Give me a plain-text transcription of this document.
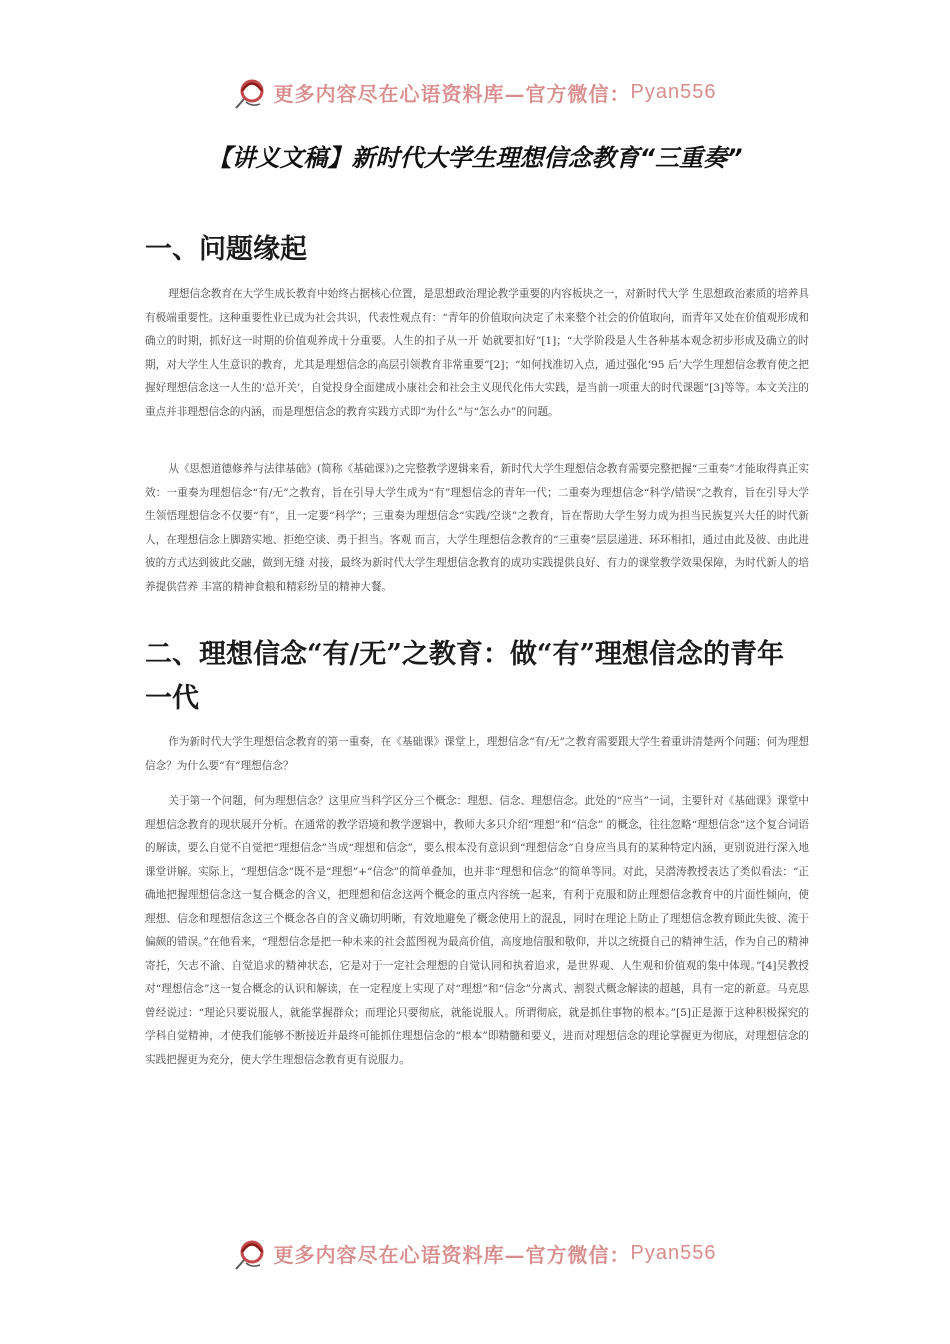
更多内容尽在心语资料库—官方微信： Pyan556
【讲义文稿】新时代大学生理想信念教育“三重奏”
一、问题缘起

理想信念教育在大学生成长教育中始终占据核心位置，是思想政治理论教学重要的内容板块之一，对新时代大学 生思想政治素质的培养具有极端重要性。这种重要性业已成为社会共识，代表性观点有：“青年的价值取向决定了未来整个社会的价值取向，而青年又处在价值观形成和确立的时期，抓好这一时期的价值观养成十分重要。人生的扣子从一开 始就要扣好”[1]；“大学阶段是人生各种基本观念初步形成及确立的时期，对大学生人生意识的教育，尤其是理想信念的高层引领教育非常重要”[2]；“如何找准切入点，通过强化‘95 后’大学生理想信念教育使之把握好理想信念这一人生的‘总开关’，自觉投身全面建成小康社会和社会主义现代化伟大实践，是当前一项重大的时代课题”[3]等等。本文关注的重点并非理想信念的内涵，而是理想信念的教育实践方式即“为什么”与“怎么办”的问题。

从《思想道德修养与法律基础》(简称《基础课》)之完整教学逻辑来看，新时代大学生理想信念教育需要完整把握“三重奏”才能取得真正实效：一重奏为理想信念“有/无”之教育，旨在引导大学生成为“有”理想信念的青年一代；二重奏为理想信念“科学/错误”之教育，旨在引导大学生领悟理想信念不仅要“有”，且一定要“科学”；三重奏为理想信念“实践/空谈”之教育，旨在帮助大学生努力成为担当民族复兴大任的时代新人，在理想信念上脚踏实地、拒绝空谈、勇于担当。客观 而言，大学生理想信念教育的“三重奏”层层递进、环环相扣，通过由此及彼、由此进彼的方式达到彼此交融，做到无缝 对接，最终为新时代大学生理想信念教育的成功实践提供良好、有力的课堂教学效果保障，为时代新人的培养提供营养 丰富的精神食粮和精彩纷呈的精神大餐。

二、理想信念“有/无”之教育：做“有”理想信念的青年一代

作为新时代大学生理想信念教育的第一重奏，在《基础课》课堂上，理想信念“有/无”之教育需要跟大学生着重讲清楚两个问题：何为理想信念？为什么要“有”理想信念？

关于第一个问题，何为理想信念？这里应当科学区分三个概念：理想、信念、理想信念。此处的“应当”一词，主要针对《基础课》课堂中理想信念教育的现状展开分析。在通常的教学语境和教学逻辑中，教师大多只介绍“理想”和“信念” 的概念，往往忽略“理想信念”这个复合词语的解读，要么自觉不自觉把“理想信念”当成“理想和信念”，要么根本没有意识到“理想信念”自身应当具有的某种特定内涵，更别说进行深入地课堂讲解。实际上，“理想信念”既不是“理想”+“信念”的简单叠加，也并非“理想和信念”的简单等同。对此，吴潜涛教授表达了类似看法：“正确地把握理想信念这一复合概念的含义，把理想和信念这两个概念的重点内容统一起来，有利于克服和防止理想信念教育中的片面性倾向，使理想、信念和理想信念这三个概念各自的含义确切明晰，有效地避免了概念使用上的混乱，同时在理论上防止了理想信念教育顾此失彼、流于偏颇的错误。”在他看来，“理想信念是把一种未来的社会蓝图视为最高价值，高度地信服和敬仰，并以之统摄自己的精神生活，作为自己的精神寄托，矢志不渝、自觉追求的精神状态，它是对于一定社会理想的自觉认同和执着追求，是世界观、人生观和价值观的集中体现。”[4]吴教授对“理想信念”这一复合概念的认识和解读，在一定程度上实现了对“理想”和“信念”分离式、割裂式概念解读的超越，具有一定的新意。马克思曾经说过：“理论只要说服人，就能掌握群众；而理论只要彻底，就能说服人。所谓彻底，就是抓住事物的根本。”[5]正是源于这种积极探究的学科自觉精神，才使我们能够不断接近并最终可能抓住理想信念的“根本”即精髓和要义，进而对理想信念的理论掌握更为彻底，对理想信念的实践把握更为充分，使大学生理想信念教育更有说服力。

更多内容尽在心语资料库—官方微信： Pyan556
